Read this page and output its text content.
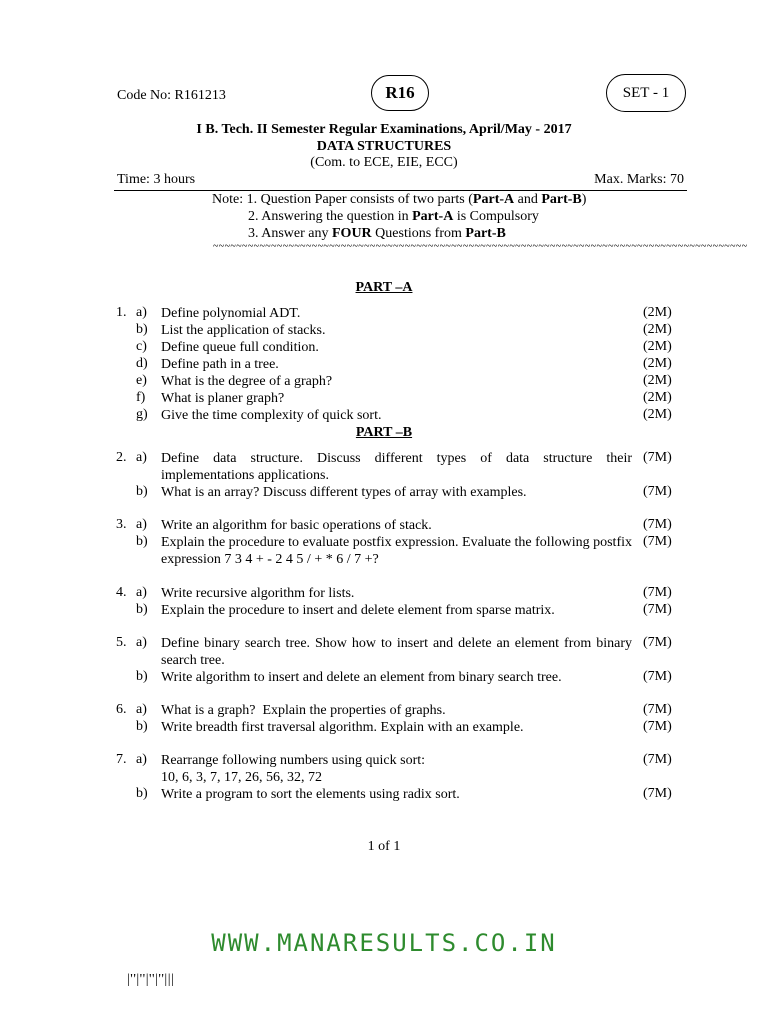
Code No: R161213	R16	SET - 1
I B. Tech. II Semester Regular Examinations, April/May - 2017
DATA STRUCTURES
(Com. to ECE, EIE, ECC)
Time: 3 hours	Max. Marks: 70
Note: 1. Question Paper consists of two parts (Part-A and Part-B)
2. Answering the question in Part-A is Compulsory
3. Answer any FOUR Questions from Part-B
~~~~~~~~~~~~~~~~~~~~~~~~~~~~~~~~~~~~~~~~~~~~~~~~~~~~~~~~~~~~~~~~~~~~~~~~~~~~~~~~~~~~~~~~~~~~
PART –A
1. a)	Define polynomial ADT.	(2M)
b) List the application of stacks.	(2M)
c)	Define queue full condition.	(2M)
d) Define path in a tree.	(2M)
e)	What is the degree of a graph?	(2M)
f)	What is planer graph?	(2M)
g) Give the time complexity of quick sort.	(2M)
PART –B
2. a)	Define data structure. Discuss different types of data structure their implementations applications.
(7M)
b) What is an array? Discuss different types of array with examples.	(7M)
3. a)	Write an algorithm for basic operations of stack.	(7M)
b) Explain the procedure to evaluate postfix expression. Evaluate the following postfix expression 7 3 4 + - 2 4 5 / + * 6 / 7 +?
(7M)
4. a)	Write recursive algorithm for lists.	(7M)
b) Explain the procedure to insert and delete element from sparse matrix.	(7M)
5. a)	Define binary search tree. Show how to insert and delete an element from binary search tree.
(7M)
b) Write algorithm to insert and delete an element from binary search tree.	(7M)
6. a)	What is a graph?  Explain the properties of graphs.	(7M)
b) Write breadth first traversal algorithm. Explain with an example.	(7M)
7. a)	Rearrange following numbers using quick sort:
10, 6, 3, 7, 17, 26, 56, 32, 72
(7M)
b) Write a program to sort the elements using radix sort.	(7M)
1 of 1
WWW.MANARESULTS.CO.IN
|''|''|''|''|||
